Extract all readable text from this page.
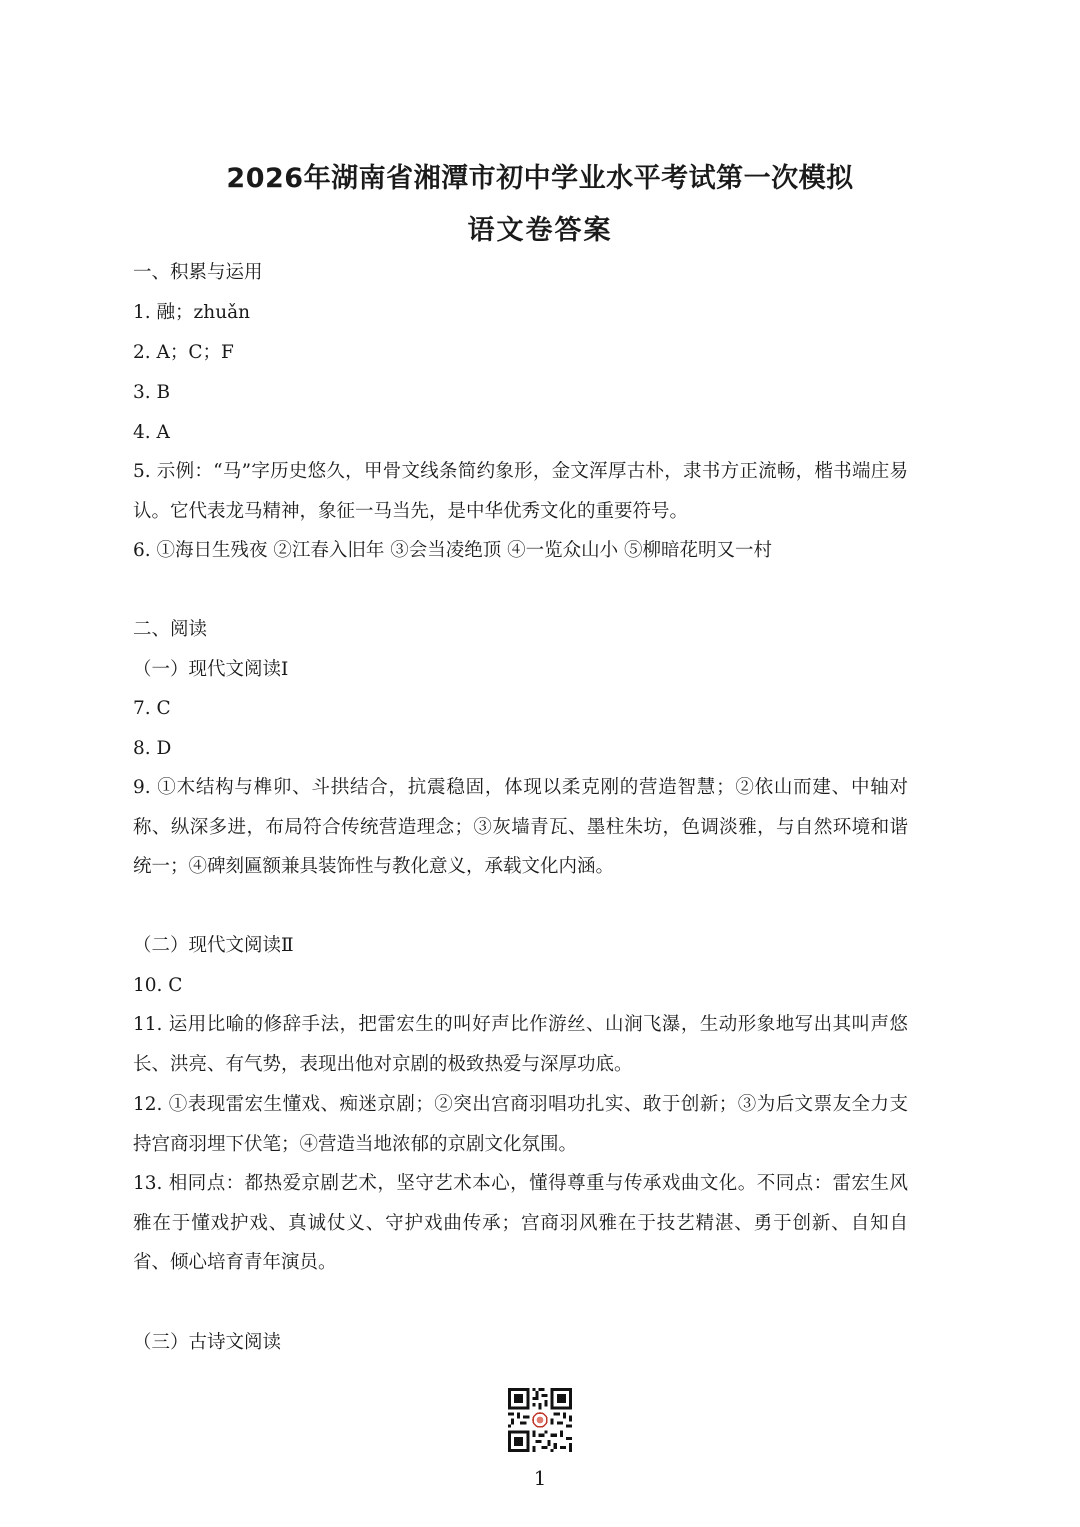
2026年湖南省湘潭市初中学业水平考试第一次模拟
语文卷答案

一、积累与运用

1. 融；zhuǎn

2. A；C；F

3. B

4. A

5. 示例：“马”字历史悠久，甲骨文线条简约象形，金文浑厚古朴，隶书方正流畅，楷书端庄易认。它代表龙马精神，象征一马当先，是中华优秀文化的重要符号。

6. ①海日生残夜 ②江春入旧年 ③会当凌绝顶 ④一览众山小 ⑤柳暗花明又一村

二、阅读

（一）现代文阅读Ⅰ

7. C

8. D

9. ①木结构与榫卯、斗拱结合，抗震稳固，体现以柔克刚的营造智慧；②依山而建、中轴对称、纵深多进，布局符合传统营造理念；③灰墙青瓦、墨柱朱坊，色调淡雅，与自然环境和谐统一；④碑刻匾额兼具装饰性与教化意义，承载文化内涵。

（二）现代文阅读Ⅱ

10. C

11. 运用比喻的修辞手法，把雷宏生的叫好声比作游丝、山涧飞瀑，生动形象地写出其叫声悠长、洪亮、有气势，表现出他对京剧的极致热爱与深厚功底。

12. ①表现雷宏生懂戏、痴迷京剧；②突出宫商羽唱功扎实、敢于创新；③为后文票友全力支持宫商羽埋下伏笔；④营造当地浓郁的京剧文化氛围。

13. 相同点：都热爱京剧艺术，坚守艺术本心，懂得尊重与传承戏曲文化。不同点：雷宏生风雅在于懂戏护戏、真诚仗义、守护戏曲传承；宫商羽风雅在于技艺精湛、勇于创新、自知自省、倾心培育青年演员。

（三）古诗文阅读

1
